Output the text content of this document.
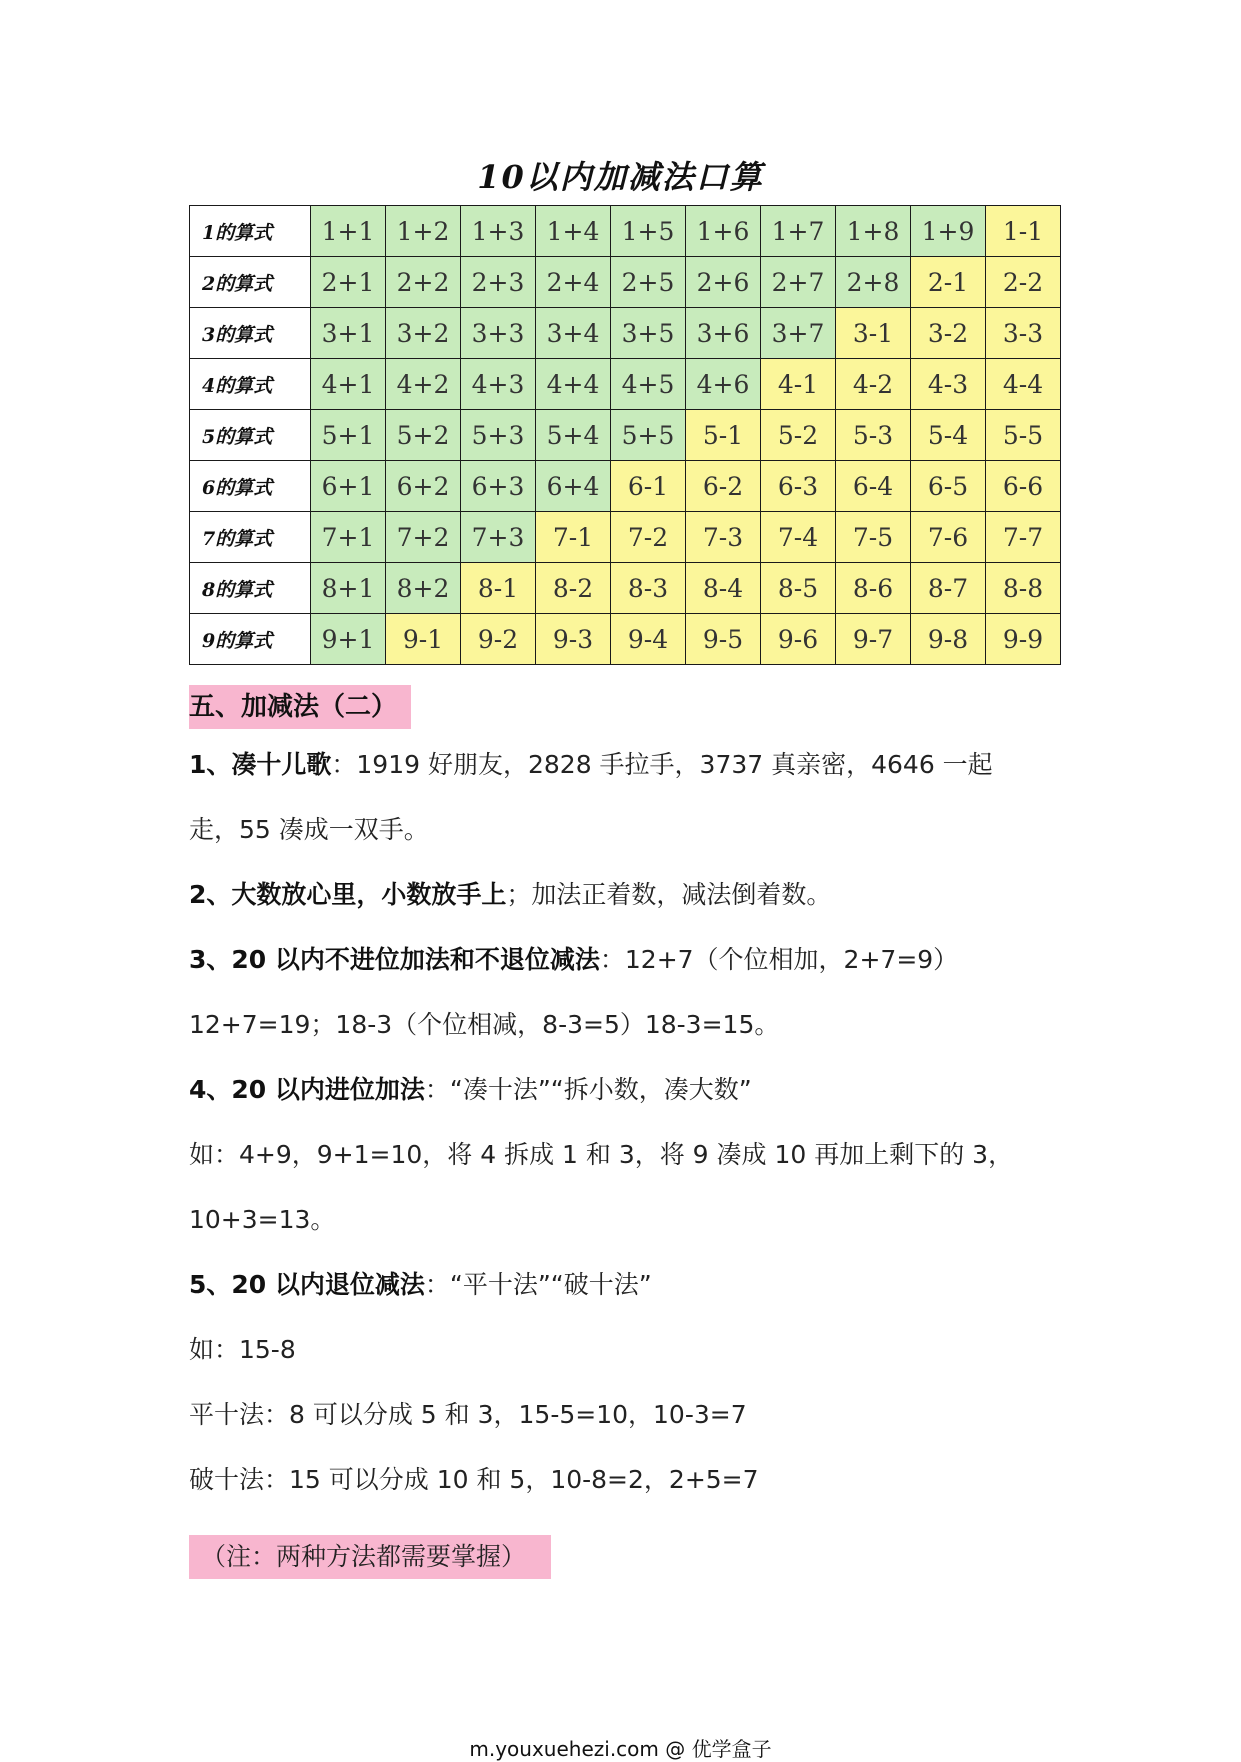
10以内加减法口算
1的算式	1+1	1+2	1+3	1+4	1+5	1+6	1+7	1+8	1+9	1-1
2的算式	2+1	2+2	2+3	2+4	2+5	2+6	2+7	2+8	2-1	2-2
3的算式	3+1	3+2	3+3	3+4	3+5	3+6	3+7	3-1	3-2	3-3
4的算式	4+1	4+2	4+3	4+4	4+5	4+6	4-1	4-2	4-3	4-4
5的算式	5+1	5+2	5+3	5+4	5+5	5-1	5-2	5-3	5-4	5-5
6的算式	6+1	6+2	6+3	6+4	6-1	6-2	6-3	6-4	6-5	6-6
7的算式	7+1	7+2	7+3	7-1	7-2	7-3	7-4	7-5	7-6	7-7
8的算式	8+1	8+2	8-1	8-2	8-3	8-4	8-5	8-6	8-7	8-8
9的算式	9+1	9-1	9-2	9-3	9-4	9-5	9-6	9-7	9-8	9-9
五、加减法（二）
1、凑十儿歌：1919 好朋友，2828 手拉手，3737 真亲密，4646 一起
走，55 凑成一双手。
2、大数放心里，小数放手上；加法正着数，减法倒着数。
3、20 以内不进位加法和不退位减法：12+7（个位相加，2+7=9）
12+7=19；18-3（个位相减，8-3=5）18-3=15。
4、20 以内进位加法：“凑十法”“拆小数，凑大数”
如：4+9，9+1=10，将 4 拆成 1 和 3，将 9 凑成 10 再加上剩下的 3，
10+3=13。
5、20 以内退位减法：“平十法”“破十法”
如：15-8
平十法：8 可以分成 5 和 3，15-5=10，10-3=7
破十法：15 可以分成 10 和 5，10-8=2，2+5=7
（注：两种方法都需要掌握）
m.youxuehezi.com @ 优学盒子
